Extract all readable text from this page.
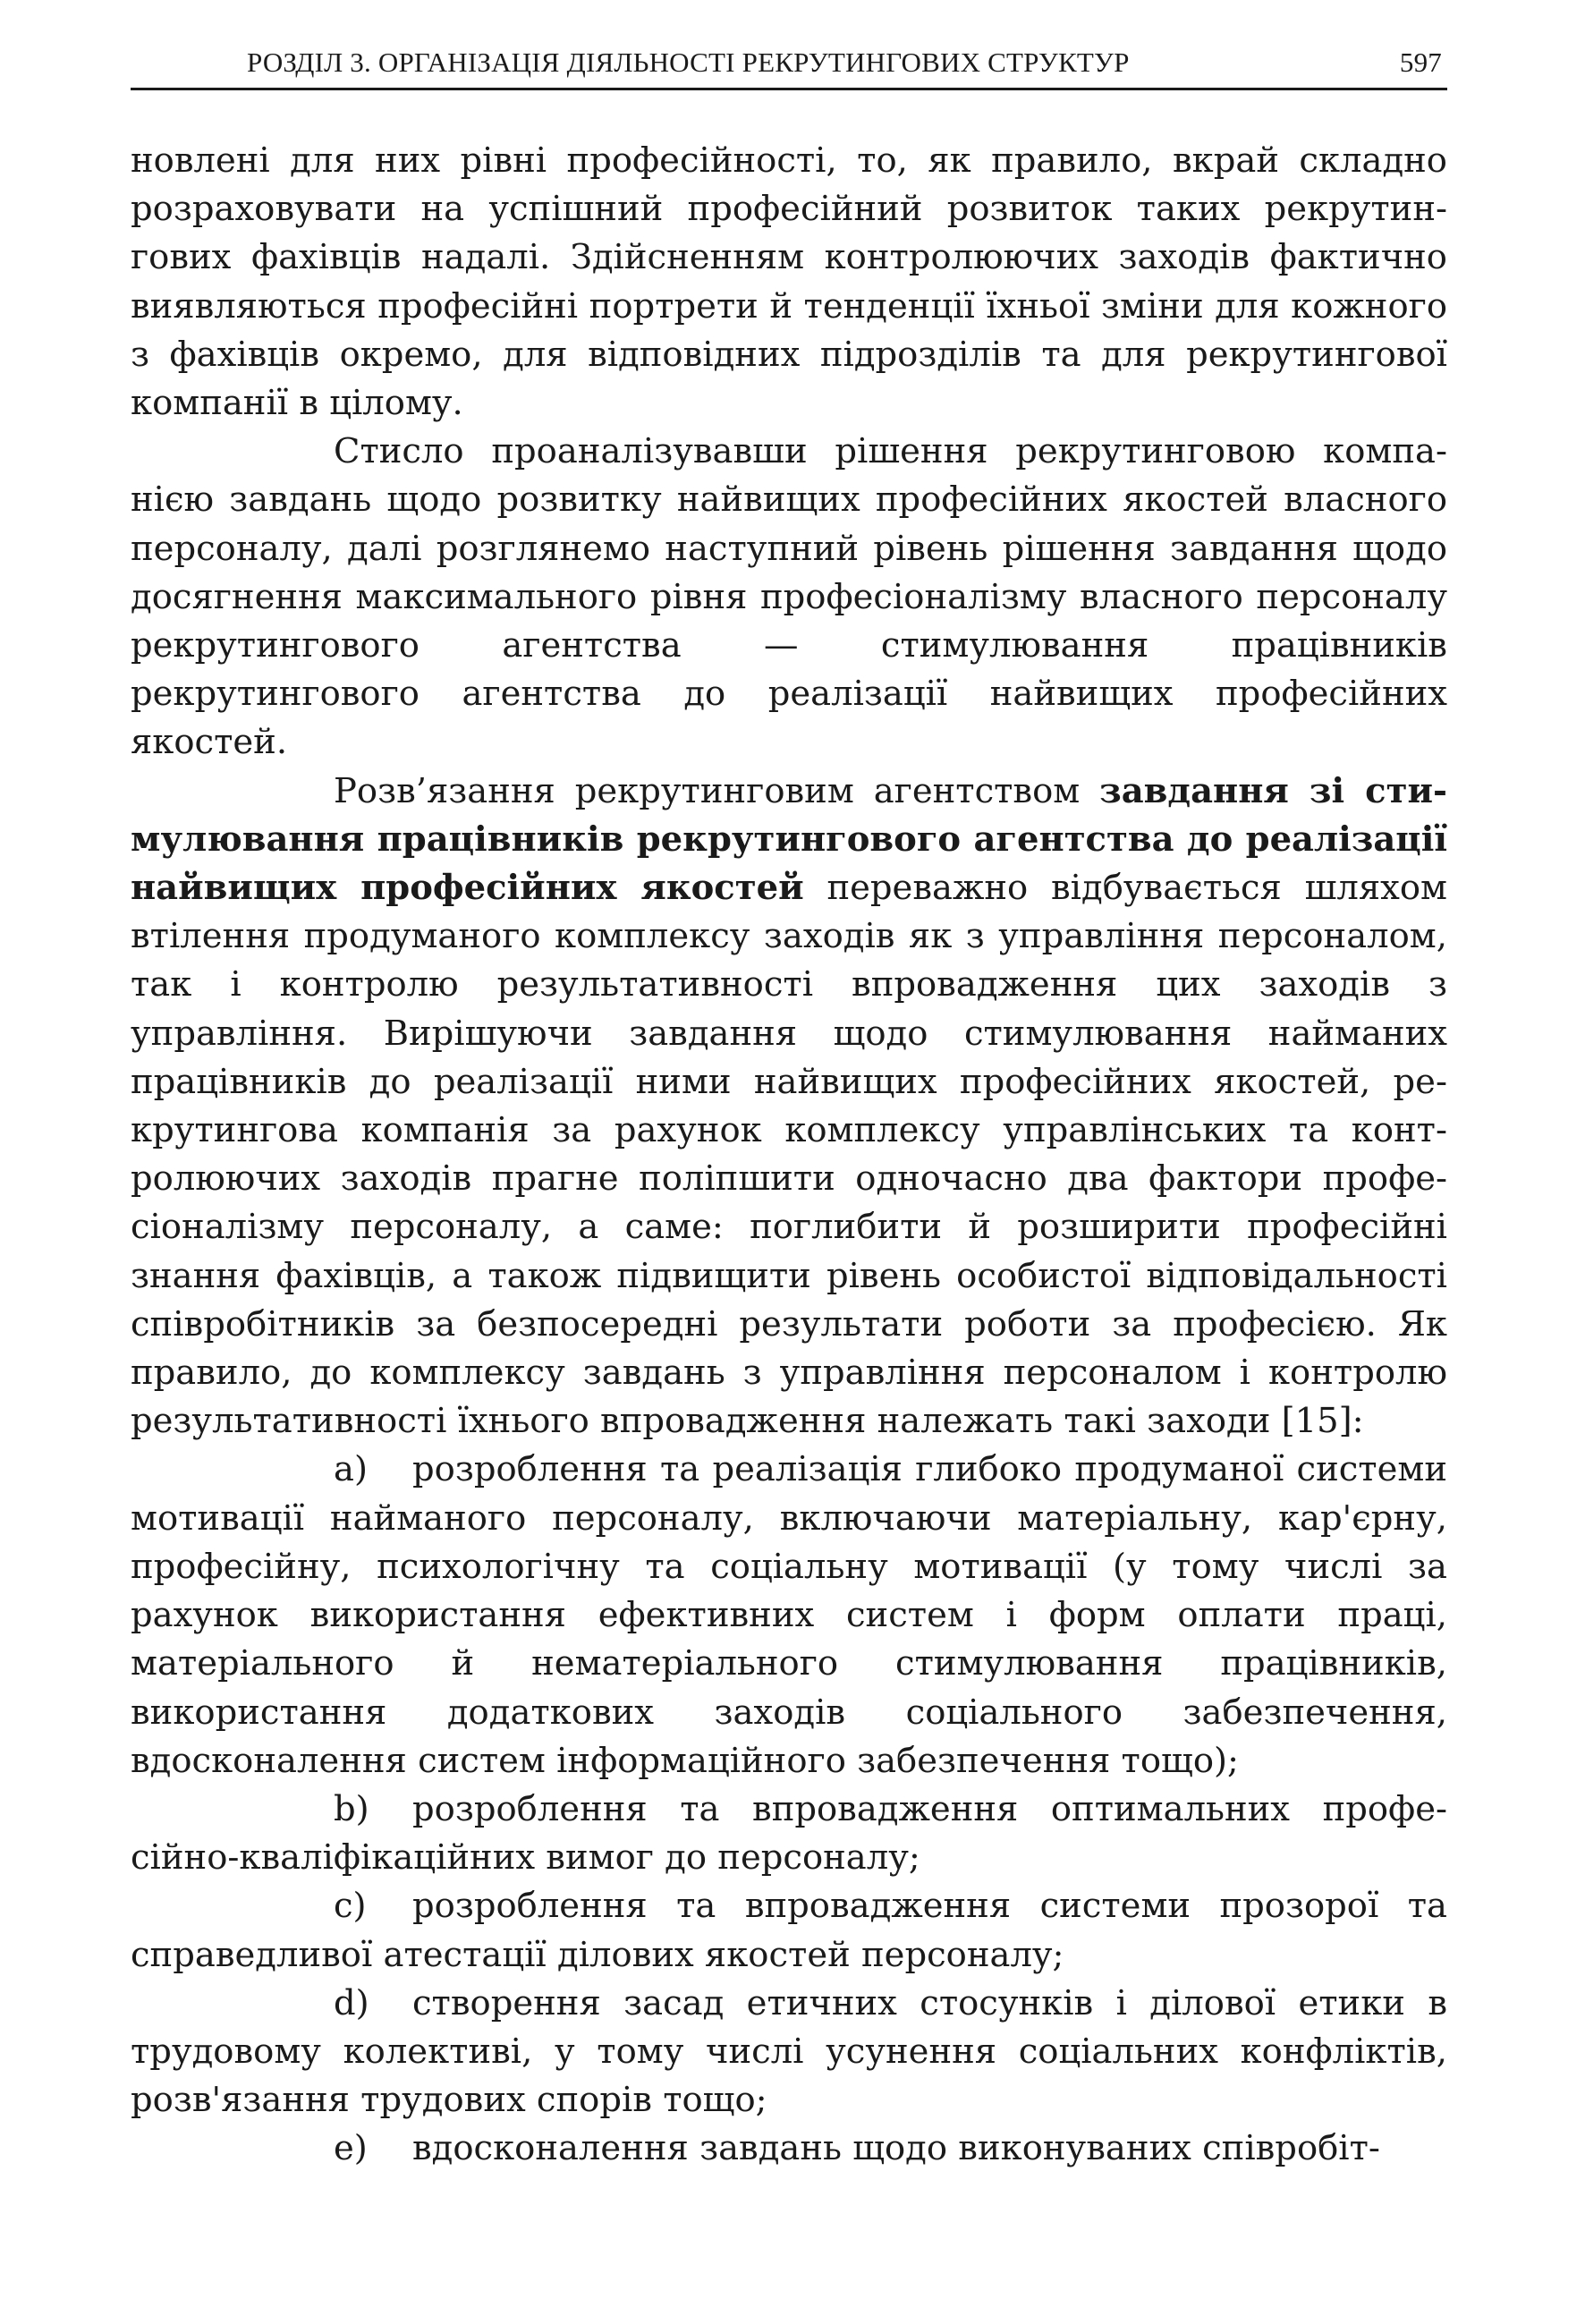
РОЗДІЛ 3. ОРГАНІЗАЦІЯ ДІЯЛЬНОСТІ РЕКРУТИНГОВИХ СТРУКТУР	597

новлені для них рівні професійності, то, як правило, вкрай складно розраховувати на успішний професійний розвиток таких рекрутингових фахівців надалі. Здійсненням контролюючих заходів фактично виявляються професійні портрети й тенденції їхньої зміни для кожного з фахівців окремо, для відповідних підрозділів та для рекрутингової компанії в цілому.

Стисло проаналізувавши рішення рекрутинговою компанією завдань щодо розвитку найвищих професійних якостей власного персоналу, далі розглянемо наступний рівень рішення завдання щодо досягнення максимального рівня професіоналізму власного персоналу рекрутингового агентства — стимулювання працівників рекрутингового агентства до реалізації найвищих професійних якостей.

Розв’язання рекрутинговим агентством завдання зі стимулювання працівників рекрутингового агентства до реалізації найвищих професійних якостей переважно відбувається шляхом втілення продуманого комплексу заходів як з управління персоналом, так і контролю результативності впровадження цих заходів з управління. Вирішуючи завдання щодо стимулювання найманих працівників до реалізації ними найвищих професійних якостей, рекрутингова компанія за рахунок комплексу управлінських та контролюючих заходів прагне поліпшити одночасно два фактори професіоналізму персоналу, а саме: поглибити й розширити професійні знання фахівців, а також підвищити рівень особистої відповідальності співробітників за безпосередні результати роботи за професією. Як правило, до комплексу завдань з управління персоналом і контролю результативності їхнього впровадження належать такі заходи [15]:

a) розроблення та реалізація глибоко продуманої системи мотивації найманого персоналу, включаючи матеріальну, кар'єрну, професійну, психологічну та соціальну мотивації (у тому числі за рахунок використання ефективних систем і форм оплати праці, матеріального й нематеріального стимулювання працівників, використання додаткових заходів соціального забезпечення, вдосконалення систем інформаційного забезпечення тощо);

b) розроблення та впровадження оптимальних професійно-кваліфікаційних вимог до персоналу;

c) розроблення та впровадження системи прозорої та справедливої атестації ділових якостей персоналу;

d) створення засад етичних стосунків і ділової етики в трудовому колективі, у тому числі усунення соціальних конфліктів, розв'язання трудових спорів тощо;

e) вдосконалення завдань щодо виконуваних співробіт-
